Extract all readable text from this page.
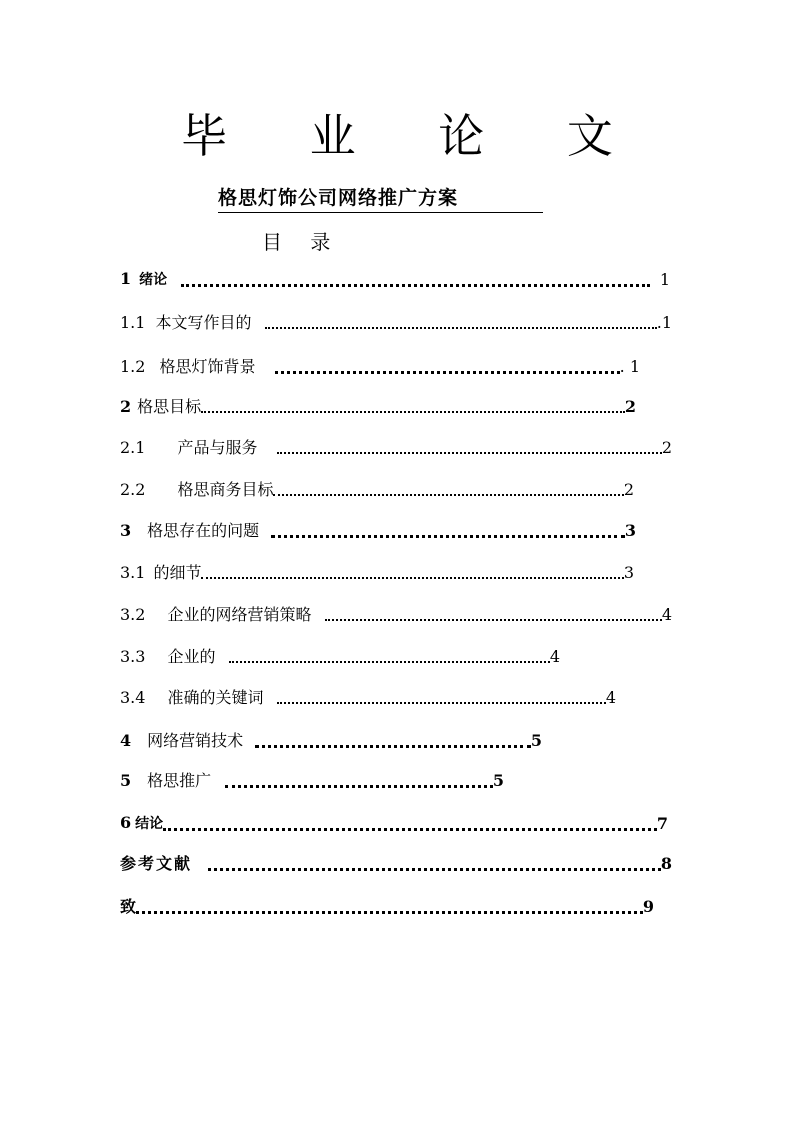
毕 业 论 文
格思灯饰公司网络推广方案
目 录
1 绪论	1
1.1 本文写作目的	.1
1.2 格思灯饰背景	. 1
2 格思目标	2
2.1 产品与服务	2
2.2 格思商务目标	2
3 格思存在的问题	3
3.1 的细节	3
3.2 企业的网络营销策略	4
3.3 企业的	4
3.4 准确的关键词	4
4 网络营销技术	5
5 格思推广	5
6 结论	7
参考文献	8
致	9
